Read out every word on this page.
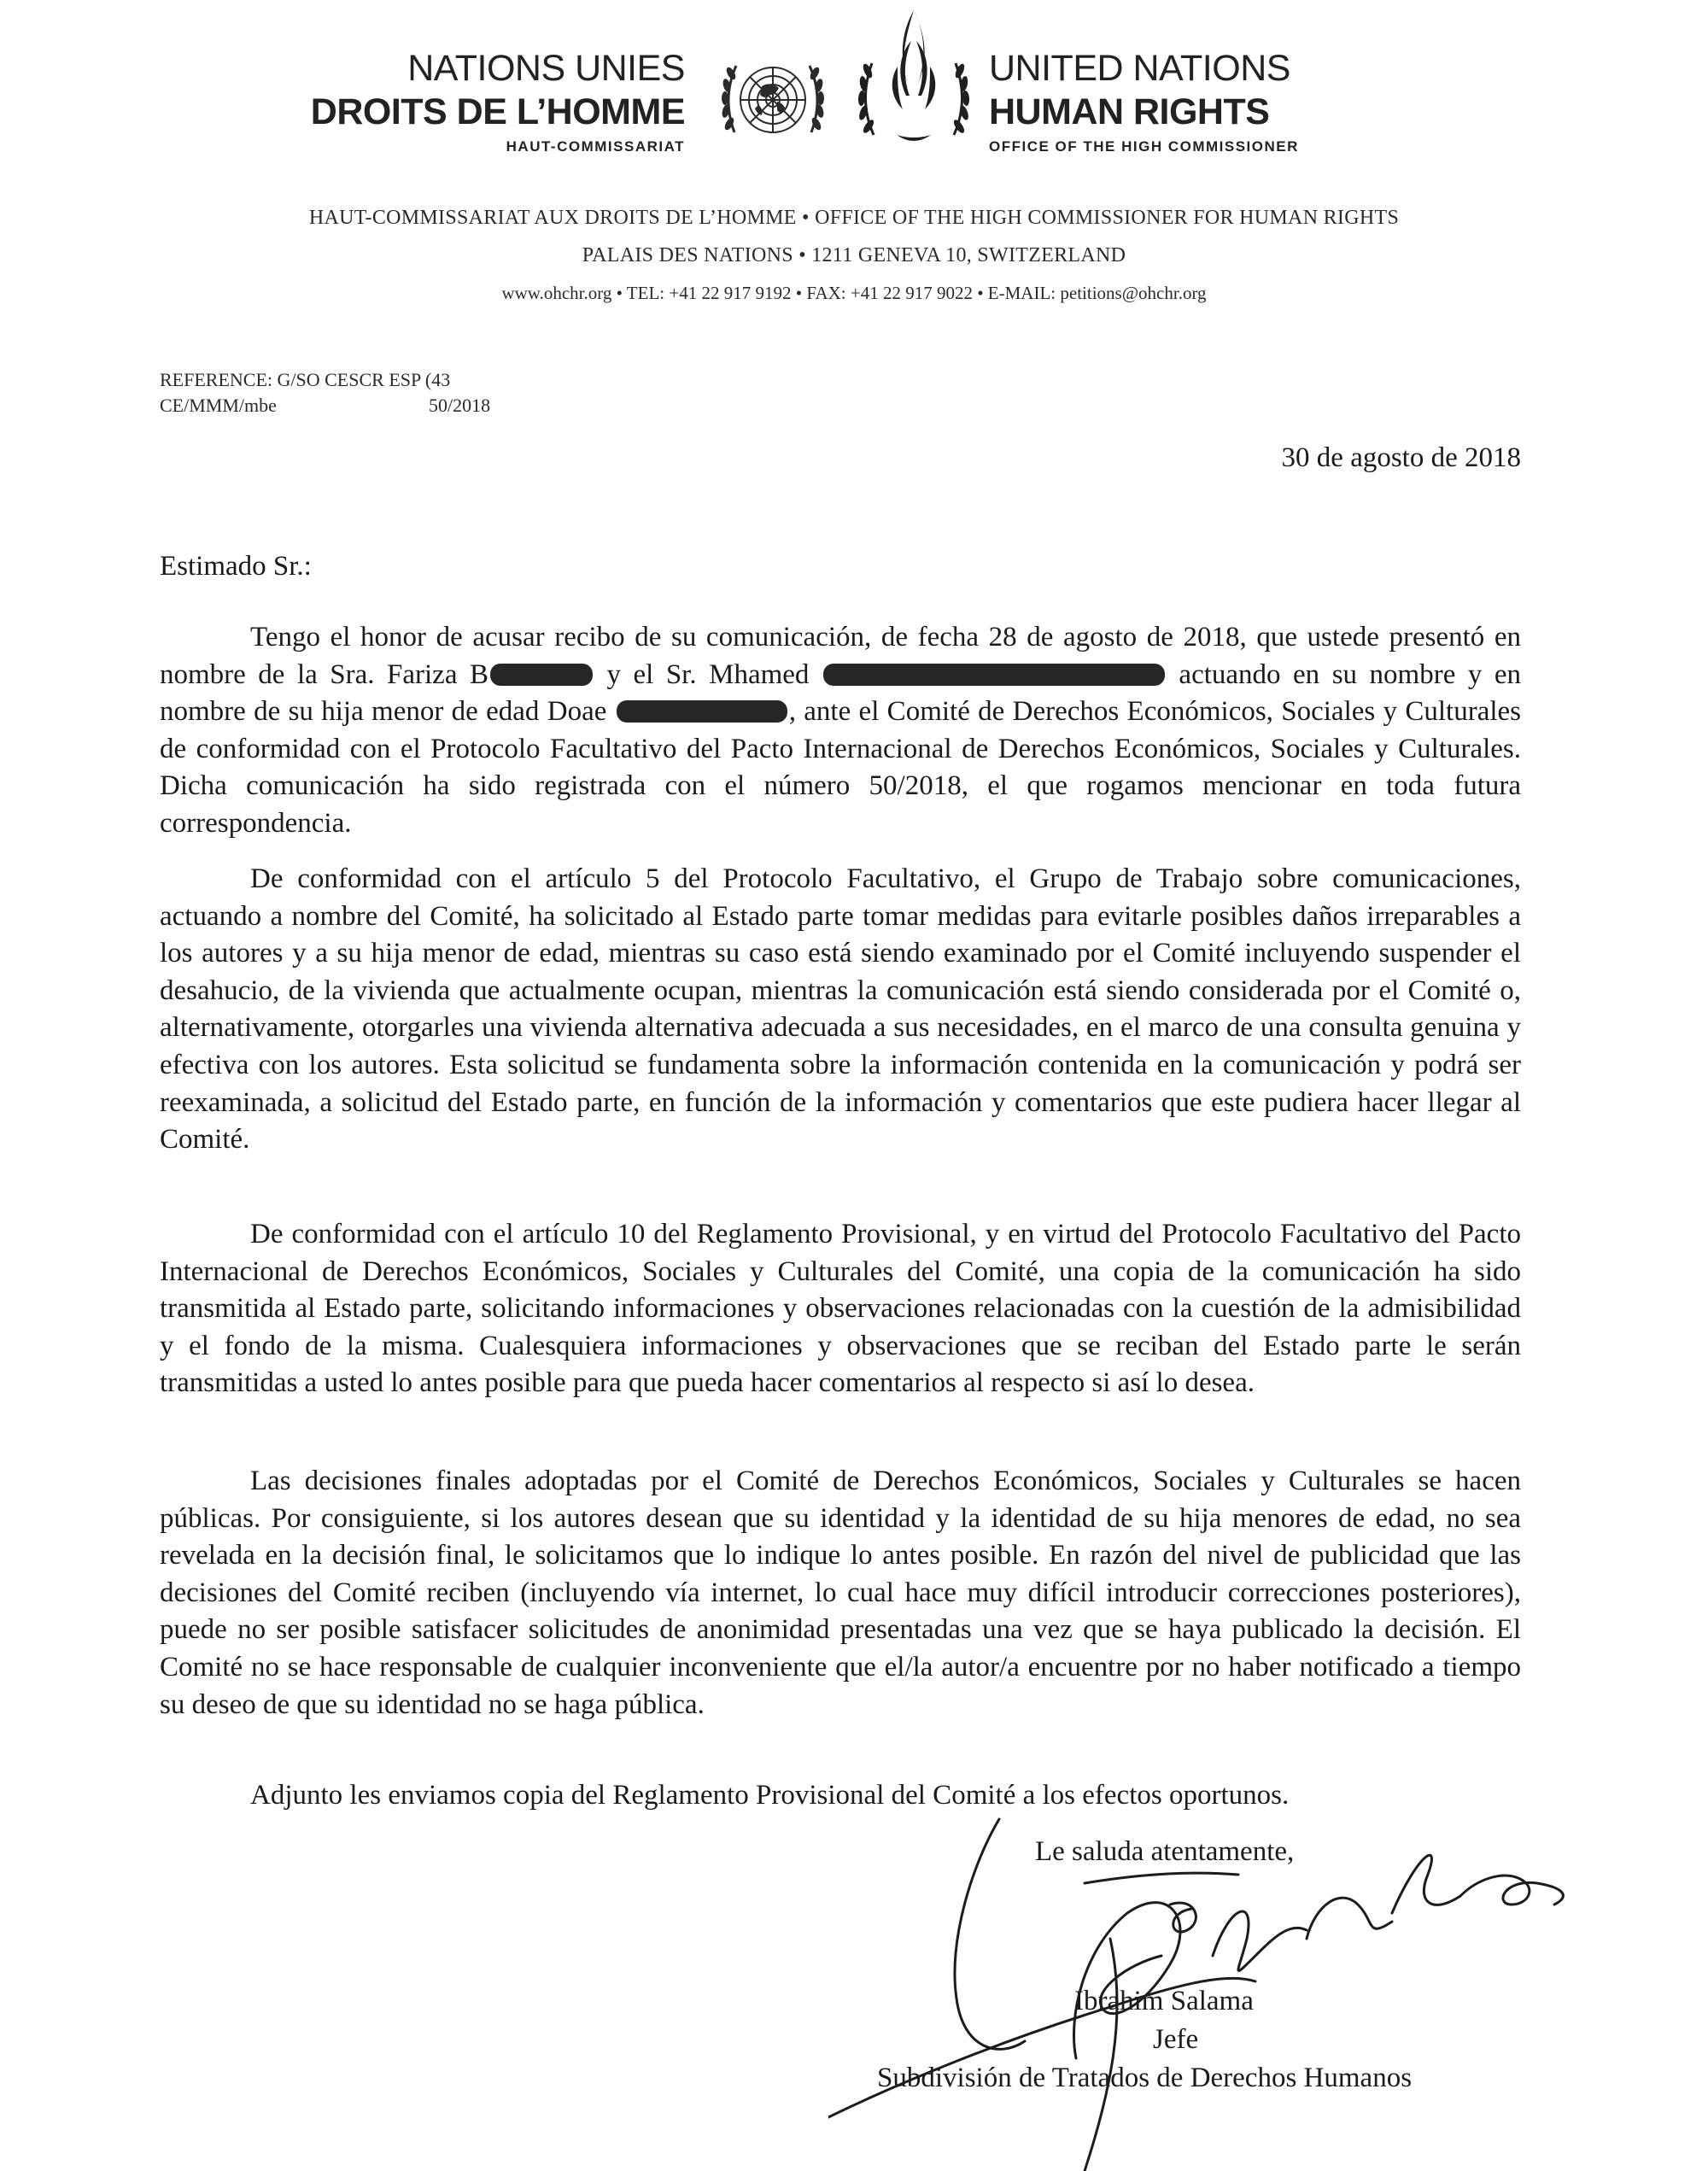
NATIONS UNIES
DROITS DE L’HOMME
HAUT-COMMISSARIAT
UNITED NATIONS
HUMAN RIGHTS
OFFICE OF THE HIGH COMMISSIONER
HAUT-COMMISSARIAT AUX DROITS DE L’HOMME • OFFICE OF THE HIGH COMMISSIONER FOR HUMAN RIGHTS
PALAIS DES NATIONS • 1211 GENEVA 10, SWITZERLAND
www.ohchr.org • TEL: +41 22 917 9192 • FAX: +41 22 917 9022 • E-MAIL: petitions@ohchr.org
REFERENCE: G/SO CESCR ESP (43
CE/MMM/mbe	50/2018
30 de agosto de 2018
Estimado Sr.:

Tengo el honor de acusar recibo de su comunicación, de fecha 28 de agosto de 2018, que ustede presentó en nombre de la Sra. Fariza B	y el Sr. Mhamed	actuando en su nombre y en nombre de su hija menor de edad Doae	, ante el Comité de Derechos Económicos, Sociales y Culturales de conformidad con el Protocolo Facultativo del Pacto Internacional de Derechos Económicos, Sociales y Culturales. Dicha comunicación ha sido registrada con el número 50/2018, el que rogamos mencionar en toda futura correspondencia.

De conformidad con el artículo 5 del Protocolo Facultativo, el Grupo de Trabajo sobre comunicaciones, actuando a nombre del Comité, ha solicitado al Estado parte tomar medidas para evitarle posibles daños irreparables a los autores y a su hija menor de edad, mientras su caso está siendo examinado por el Comité incluyendo suspender el desahucio, de la vivienda que actualmente ocupan, mientras la comunicación está siendo considerada por el Comité o, alternativamente, otorgarles una vivienda alternativa adecuada a sus necesidades, en el marco de una consulta genuina y efectiva con los autores. Esta solicitud se fundamenta sobre la información contenida en la comunicación y podrá ser reexaminada, a solicitud del Estado parte, en función de la información y comentarios que este pudiera hacer llegar al Comité.

De conformidad con el artículo 10 del Reglamento Provisional, y en virtud del Protocolo Facultativo del Pacto Internacional de Derechos Económicos, Sociales y Culturales del Comité, una copia de la comunicación ha sido transmitida al Estado parte, solicitando informaciones y observaciones relacionadas con la cuestión de la admisibilidad y el fondo de la misma. Cualesquiera informaciones y observaciones que se reciban del Estado parte le serán transmitidas a usted lo antes posible para que pueda hacer comentarios al respecto si así lo desea.

Las decisiones finales adoptadas por el Comité de Derechos Económicos, Sociales y Culturales se hacen públicas. Por consiguiente, si los autores desean que su identidad y la identidad de su hija menores de edad, no sea revelada en la decisión final, le solicitamos que lo indique lo antes posible. En razón del nivel de publicidad que las decisiones del Comité reciben (incluyendo vía internet, lo cual hace muy difícil introducir correcciones posteriores), puede no ser posible satisfacer solicitudes de anonimidad presentadas una vez que se haya publicado la decisión. El Comité no se hace responsable de cualquier inconveniente que el/la autor/a encuentre por no haber notificado a tiempo su deseo de que su identidad no se haga pública.

Adjunto les enviamos copia del Reglamento Provisional del Comité a los efectos oportunos.
Le saluda atentamente,
Ibrahim Salama
Jefe
Subdivisión de Tratados de Derechos Humanos
